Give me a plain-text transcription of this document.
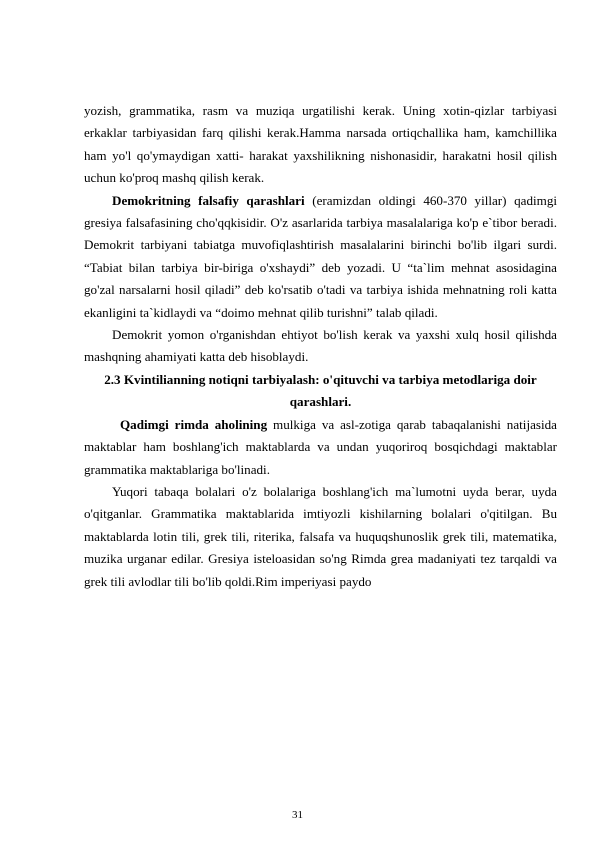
yozish, grammatika, rasm va muziqa urgatilishi kerak. Uning xotin-qizlar tarbiyasi erkaklar tarbiyasidan farq qilishi kerak.Hamma narsada ortiqchallika ham, kamchillika ham yo'l qo'ymaydigan xatti- harakat yaxshilikning nishonasidir, harakatni hosil qilish uchun ko'proq mashq qilish kerak.

Demokritning falsafiy qarashlari (eramizdan oldingi 460-370 yillar) qadimgi gresiya falsafasining cho'qqkisidir. O'z asarlarida tarbiya masalalariga ko'p e`tibor beradi. Demokrit tarbiyani tabiatga muvofiqlashtirish masalalarini birinchi bo'lib ilgari surdi. “Tabiat bilan tarbiya bir-biriga o'xshaydi” deb yozadi. U “ta`lim mehnat asosidagina go'zal narsalarni hosil qiladi” deb ko'rsatib o'tadi va tarbiya ishida mehnatning roli katta ekanligini ta`kidlaydi va “doimo mehnat qilib turishni” talab qiladi.

Demokrit yomon o'rganishdan ehtiyot bo'lish kerak va yaxshi xulq hosil qilishda mashqning ahamiyati katta deb hisoblaydi.

2.3 Kvintilianning notiqni tarbiyalash: o'qituvchi va tarbiya metodlariga doir qarashlari.

Qadimgi rimda aholining mulkiga va asl-zotiga qarab tabaqalanishi natijasida maktablar ham boshlang'ich maktablarda va undan yuqoriroq bosqichdagi maktablar grammatika maktablariga bo'linadi.

Yuqori tabaqa bolalari o'z bolalariga boshlang'ich ma`lumotni uyda berar, uyda o'qitganlar. Grammatika maktablarida imtiyozli kishilarning bolalari o'qitilgan. Bu maktablarda lotin tili, grek tili, riterika, falsafa va huquqshunoslik grek tili, matematika, muzika urganar edilar. Gresiya isteloasidan so'ng Rimda grea madaniyati tez tarqaldi va grek tili avlodlar tili bo'lib qoldi.Rim imperiyasi paydo

31
